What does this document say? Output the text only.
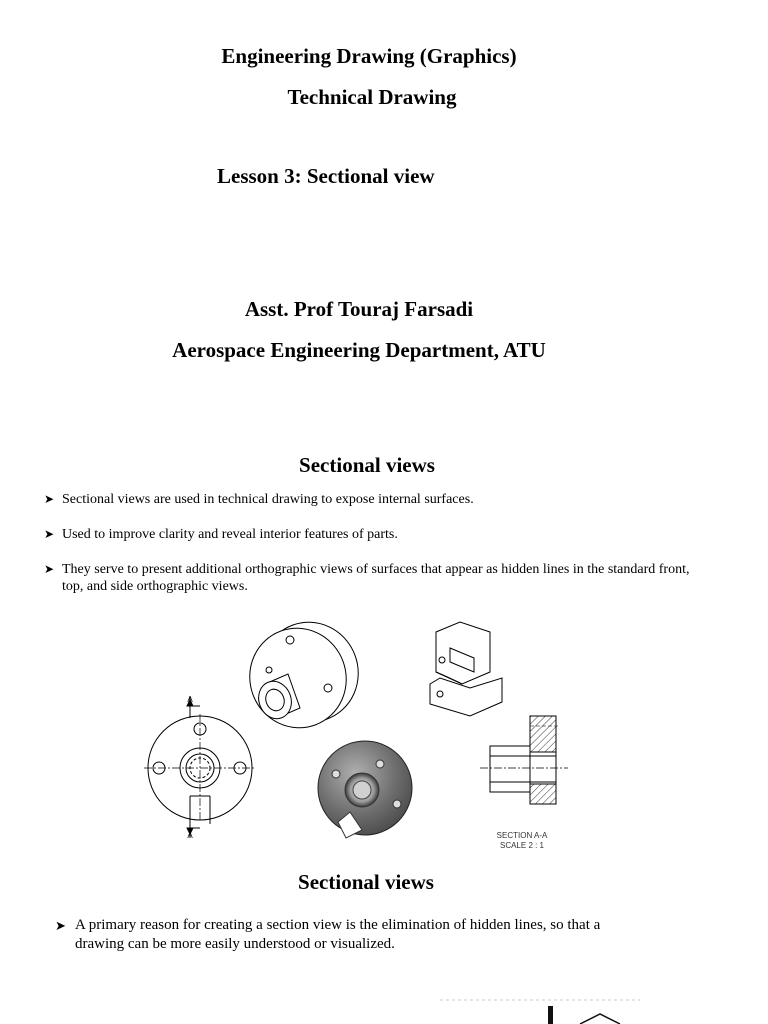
Engineering Drawing (Graphics)
Technical Drawing
Lesson 3: Sectional view
Asst. Prof Touraj Farsadi
Aerospace Engineering Department, ATU
Sectional views
➤ Sectional views are used in technical drawing to expose internal surfaces.
➤ Used to improve clarity and reveal interior features of parts.
➤ They serve to present additional orthographic views of surfaces that appear as hidden lines in the standard front, top, and side orthographic views.
A
A	SECTION A-A
SCALE 2 : 1
Sectional views
➤ A primary reason for creating a section view is the elimination of hidden lines, so that a drawing can be more easily understood or visualized.
